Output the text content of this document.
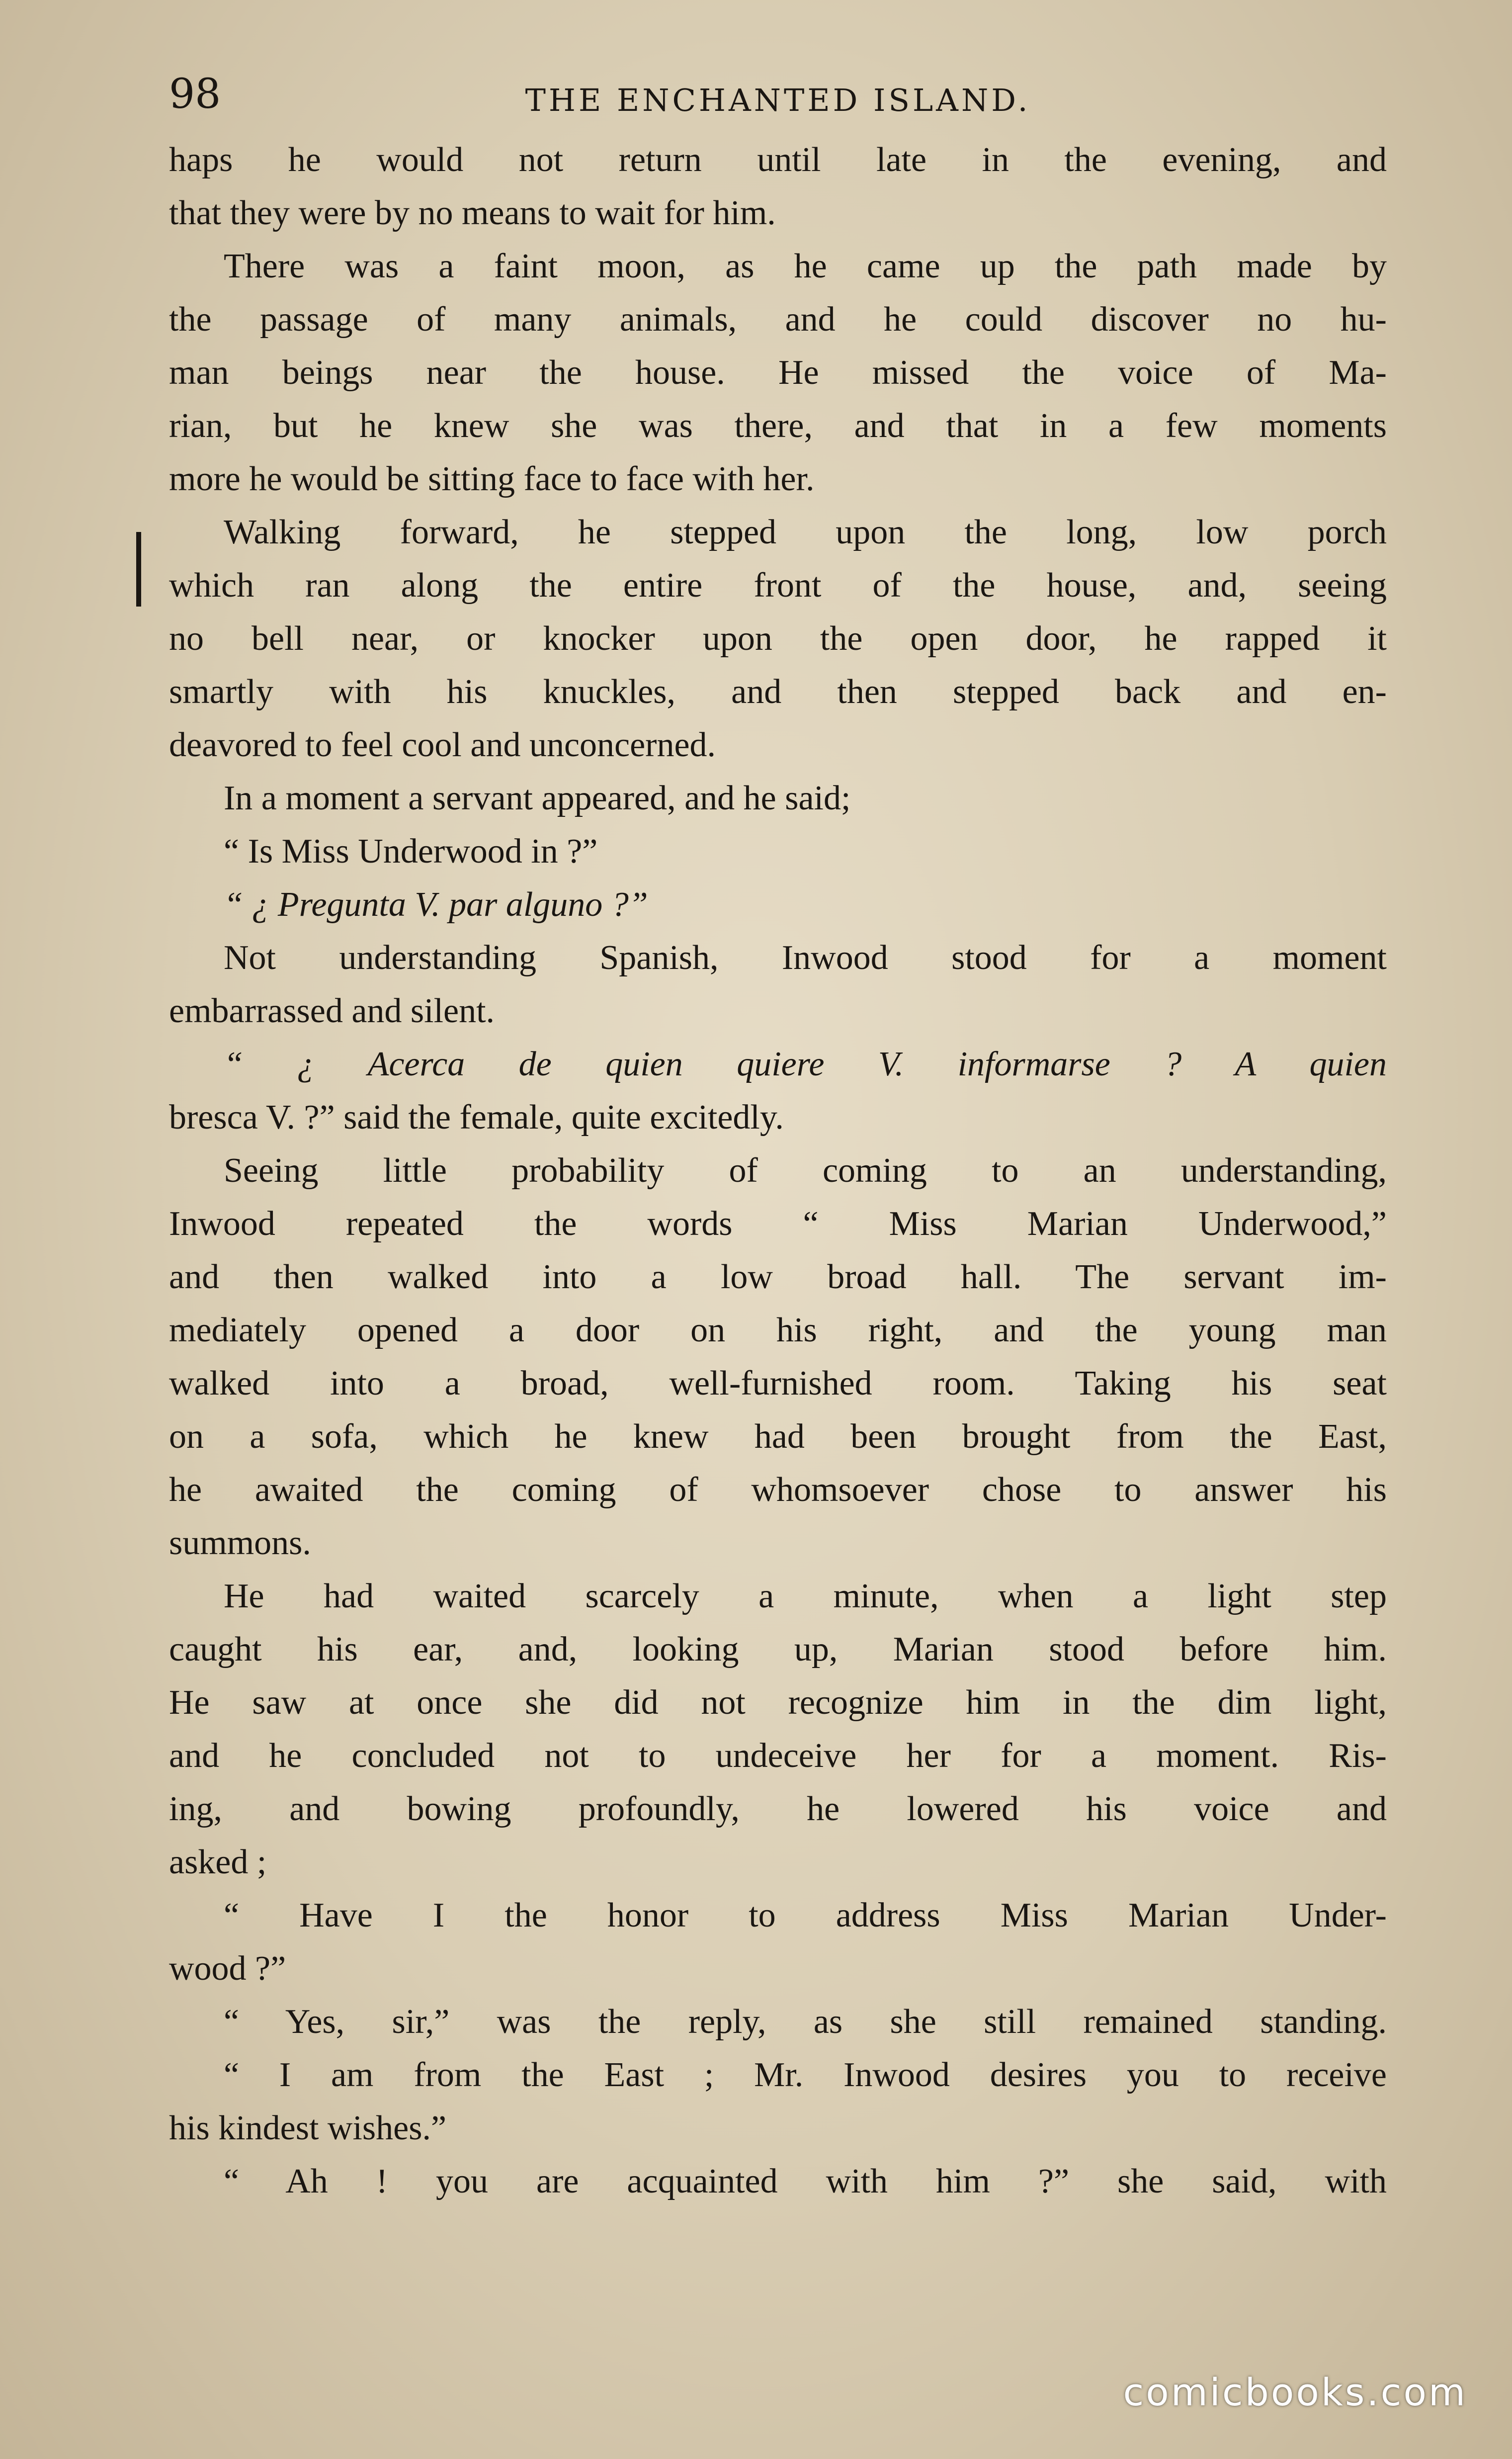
98	THE ENCHANTED ISLAND.
haps he would not return until late in the evening, and
that they were by no means to wait for him.
There was a faint moon, as he came up the path made by
the passage of many animals, and he could discover no hu-
man beings near the house. He missed the voice of Ma-
rian, but he knew she was there, and that in a few moments
more he would be sitting face to face with her.
Walking forward, he stepped upon the long, low porch
which ran along the entire front of the house, and, seeing
no bell near, or knocker upon the open door, he rapped it
smartly with his knuckles, and then stepped back and en-
deavored to feel cool and unconcerned.
In a moment a servant appeared, and he said;
“ Is Miss Underwood in ?”
“ ¿ Pregunta V. par alguno ?”
Not understanding Spanish, Inwood stood for a moment
embarrassed and silent.
“ ¿ Acerca de quien quiere V. informarse ? A quien
bresca V. ?” said the female, quite excitedly.
Seeing little probability of coming to an understanding,
Inwood repeated the words “ Miss Marian Underwood,”
and then walked into a low broad hall. The servant im-
mediately opened a door on his right, and the young man
walked into a broad, well-furnished room. Taking his seat
on a sofa, which he knew had been brought from the East,
he awaited the coming of whomsoever chose to answer his
summons.
He had waited scarcely a minute, when a light step
caught his ear, and, looking up, Marian stood before him.
He saw at once she did not recognize him in the dim light,
and he concluded not to undeceive her for a moment. Ris-
ing, and bowing profoundly, he lowered his voice and
asked ;
“ Have I the honor to address Miss Marian Under-
wood ?”
“ Yes, sir,” was the reply, as she still remained standing.
“ I am from the East ; Mr. Inwood desires you to receive
his kindest wishes.”
“ Ah ! you are acquainted with him ?” she said, with
comicbooks.com
